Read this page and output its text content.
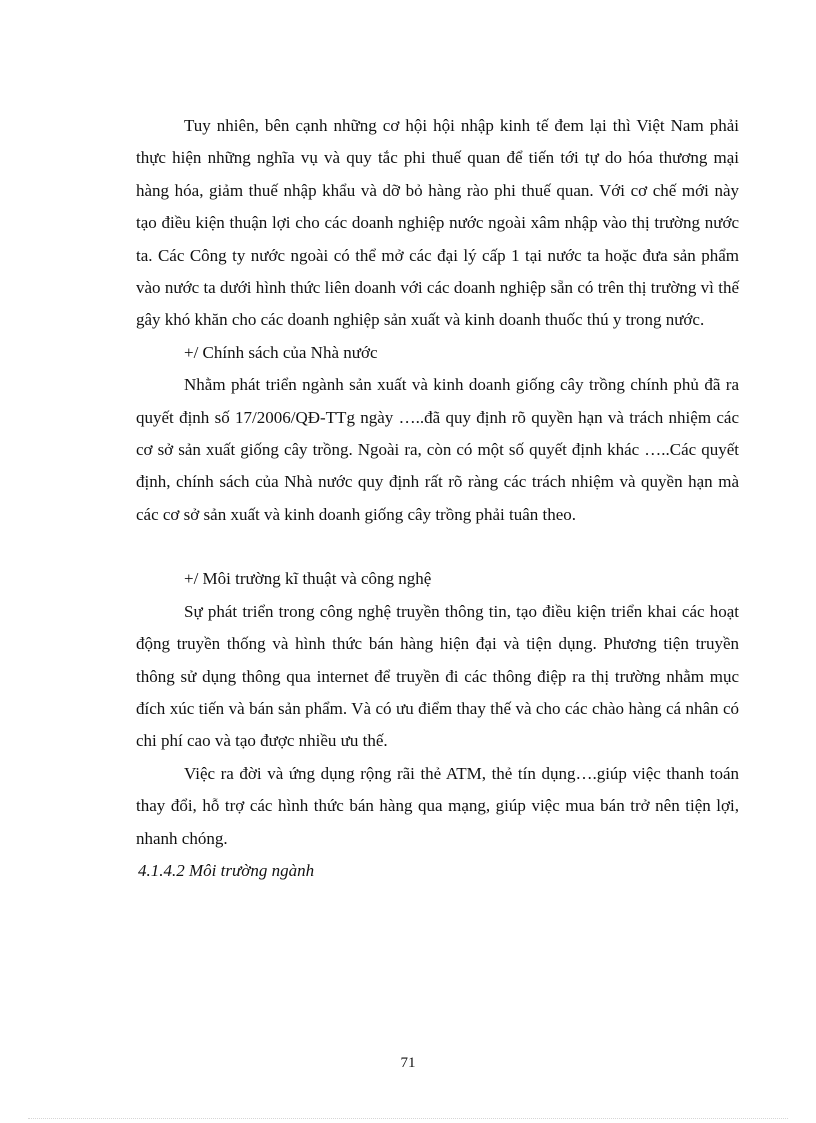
Tuy nhiên, bên cạnh những cơ hội hội nhập kinh tế đem lại thì Việt Nam phải thực hiện những nghĩa vụ và quy tắc phi thuế quan để tiến tới tự do hóa thương mại hàng hóa, giảm thuế nhập khẩu và dỡ bỏ hàng rào phi thuế quan. Với cơ chế mới này tạo điều kiện thuận lợi cho các doanh nghiệp nước ngoài xâm nhập vào thị trường nước ta. Các Công ty nước ngoài có thể mở các đại lý cấp 1 tại nước ta hoặc đưa sản phẩm vào nước ta dưới hình thức liên doanh với các doanh nghiệp sẵn có trên thị trường vì thế gây khó khăn cho các doanh nghiệp sản xuất và kinh doanh thuốc thú y trong nước.

+/ Chính sách của Nhà nước

Nhằm phát triển ngành sản xuất và kinh doanh giống cây trồng chính phủ đã ra quyết định số 17/2006/QĐ-TTg ngày …..đã quy định rõ quyền hạn và trách nhiệm các cơ sở sản xuất giống cây trồng. Ngoài ra, còn có một số quyết định khác …..Các quyết định, chính sách của Nhà nước quy định rất rõ ràng các trách nhiệm và quyền hạn mà các cơ sở sản xuất và kinh doanh giống cây trồng phải tuân theo.

+/ Môi trường kĩ thuật và công nghệ

Sự phát triển trong công nghệ truyền thông tin, tạo điều kiện triển khai các hoạt động truyền thống và hình thức bán hàng hiện đại và tiện dụng. Phương tiện truyền thông sử dụng thông qua internet để truyền đi các thông điệp ra thị trường nhằm mục đích xúc tiến và bán sản phẩm. Và có ưu điểm thay thế và cho các chào hàng cá nhân có chi phí cao và tạo được nhiều ưu thế.

Việc ra đời và ứng dụng rộng rãi thẻ ATM, thẻ tín dụng….giúp việc thanh toán thay đổi, hỗ trợ các hình thức bán hàng qua mạng, giúp việc mua bán trở nên tiện lợi, nhanh chóng.

4.1.4.2 Môi trường ngành

71
